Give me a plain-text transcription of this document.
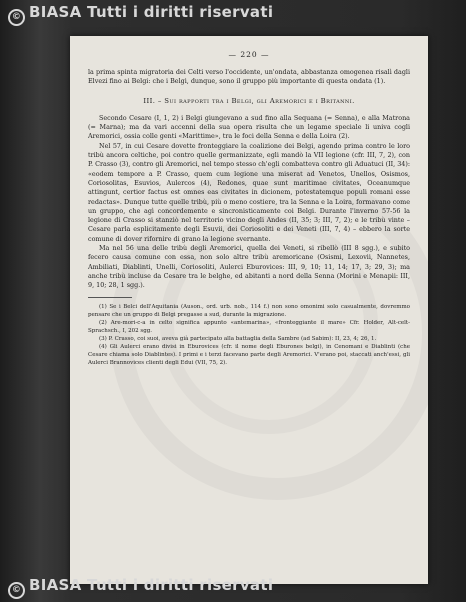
© BIASA Tutti i diritti riservati
— 220 —

la prima spinta migratoria dei Celti verso l'occidente, un'ondata, abbastanza omogenea risalì dagli Elvezi fino ai Belgi: che i Belgi, dunque, sono il gruppo più importante di questa ondata (1).

III. – Sui rapporti tra i Belgi, gli Aremorici e i Britanni.

Secondo Cesare (I, 1, 2) i Belgi giungevano a sud fino alla Sequana (= Senna), e alla Matrona (= Marna); ma da vari accenni della sua opera risulta che un legame speciale li univa cogli Aremorici, ossia colle genti «Marittime», tra le foci della Senna e della Loira (2).

Nel 57, in cui Cesare dovette fronteggiare la coalizione dei Belgi, agendo prima contro le loro tribù ancora celtiche, poi contro quelle germanizzate, egli mandò la VII legione (cfr. III, 7, 2), con P. Crasso (3), contro gli Aremorici, nel tempo stesso ch'egli combatteva contro gli Aduatuci (II, 34): «eodem tempore a P. Crasso, quem cum legione una miserat ad Venetos, Unellos, Osismos, Coriosolitas, Esuvios, Aulercos (4), Redones, quae sunt maritimae civitates, Oceanumque attingunt, certior factus est omnes eas civitates in dicionem, potestatemque populi romani esse redactas». Dunque tutte quelle tribù, più o meno costiere, tra la Senna e la Loira, formavano come un gruppo, che agì concordemente e sincronisticamente coi Belgi. Durante l'inverno 57-56 la legione di Crasso si stanziò nel territorio vicino degli Andes (II, 35; 3; III, 7, 2); e le tribù vinte – Cesare parla esplicitamente degli Esuvii, dei Coriosoliti e dei Veneti (III, 7, 4) – ebbero la sorte comune di dover rifornire di grano la legione svernante.

Ma nel 56 una delle tribù degli Aremorici, quella dei Veneti, si ribellò (III 8 sgg.), e subito fecero causa comune con essa, non solo altre tribù aremoricane (Osismi, Lexovii, Nannetes, Ambiliati, Diablinti, Unelli, Coriosoliti, Aulerci Eburovices: III, 9, 10; 11, 14; 17, 3; 29, 3); ma anche tribù incluse da Cesare tra le belghe, ed abitanti a nord della Senna (Morini e Menapii: III, 9, 10; 28, 1 sgg.).

(1) Se i Belci dell'Aquitania (Auson., ord. urb. nob., 114 f.) non sono omonimi solo casualmente, dovremmo pensare che un gruppo di Belgi pregasse a sud, durante la migrazione.

(2) Are-mori-c-a in celto significa appunto «antemarina», «fronteggiante il mare» Cfr. Holder, Alt-celt-Sprachsch., I, 202 sgg.

(3) P. Crasso, coi suoi, aveva già partecipato alla battaglia della Sambre (ad Sabim): II, 23, 4; 26, 1.

(4) Gli Aulerci erano divisi in Eburovices (cfr. il nome degli Eburones belgi), in Cenomani e Diablinti (che Cesare chiama solo Diablintes). I primi e i terzi facevano parte degli Aremorici. V'erano poi, staccati anch'essi, gli Aulerci Brannovices clienti degli Edui (VII, 75, 2).

© BIASA Tutti i diritti riservati
